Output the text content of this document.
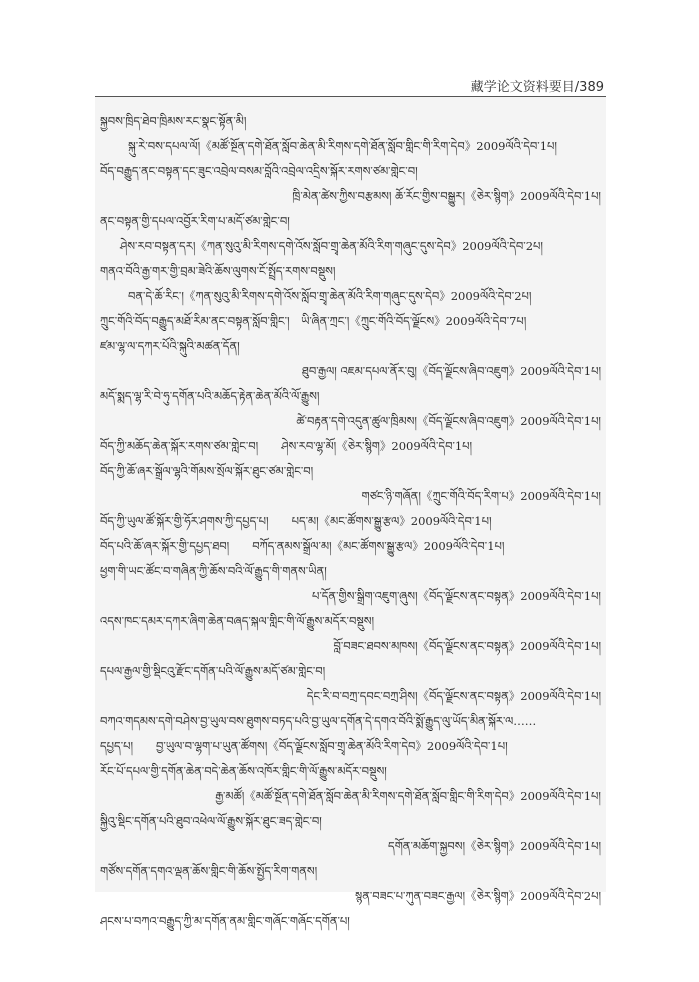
藏学论文资料要目/389
སྐྱབས་ཁྲིད་ཐེབ་ཁྲིམས་རང་སྣང་སྟོན་མི།
སྐུ་རེ་བས་དཔལ་ལོ།《མཚོ་སྔོན་དགེ་ཐོན་སློབ་ཆེན་མི་རིགས་དགེ་ཐོན་སློབ་གླིང་གི་རིག་དེབ》2009ལོའི་དེབ་1པ།
བོད་བརྒྱུད་ནང་བསྟན་དང་ཟུང་འབྲེལ་བསམ་བློའི་འབྲེལ་འདྲིས་སྐོར་རགས་ཙམ་གླེང་བ།
ཁྲི་མེན་ཚེས་ཀྱིས་བརྩམས། ཆོ་རོང་གྱིས་བསྒྱུར།《ཅེར་སྙིག》2009ལོའི་དེབ་1པ།
ནང་བསྟན་གྱི་དཔལ་འབྱོར་རིག་པ་མདོ་ཙམ་གླེང་བ།
ཤེས་རབ་བསྟན་དར།《ཀན་སུའུ་མི་རིགས་དགེ་འོས་སློབ་གྲྭ་ཆེན་མོའི་རིག་གཞུང་དུས་དེབ》2009ལོའི་དེབ་2པ།
གནའ་བོའི་རྒྱ་གར་གྱི་བྲམ་ཟེའི་ཆོས་ལུགས་ངོ་སྤྲོད་རགས་བསྡུས།
བན་དེ་ཆོ་རིང་།《ཀན་སུའུ་མི་རིགས་དགེ་འོས་སློབ་གྲྭ་ཆེན་མོའི་རིག་གཞུང་དུས་དེབ》2009ལོའི་དེབ་2པ།
ཀྲུང་གོའི་བོད་བརྒྱུད་མཐོ་རིམ་ནང་བསྟན་སློབ་གླིང་།　ཡི་ཞིན་ཀྲང་།《ཀྲུང་གོའི་བོད་ལྗོངས》2009ལོའི་དེབ་7པ།
ཛམ་ལྷ་ལ་དཀར་པོའི་སྐུའི་མཚན་དོན།
ཐུབ་རྒྱལ། འཇམ་དཔལ་ནོར་བུ།《བོད་ལྗོངས་ཞིབ་འཇུག》2009ལོའི་དེབ་1པ།
མདོ་སྨད་ལྷ་རི་བེ་ཧུ་དགོན་པའི་མཆོད་རྟེན་ཆེན་མོའི་ལོ་རྒྱུས།
ཚེ་བརྟན་དགེ་འདུན་ཚུལ་ཁྲིམས།《བོད་ལྗོངས་ཞིབ་འཇུག》2009ལོའི་དེབ་1པ།
བོད་ཀྱི་མཆོད་ཆེན་སྐོར་རགས་ཙམ་གླེང་བ།　　ཤེས་རབ་ལྷ་མོ།《ཅེར་སྙིག》2009ལོའི་དེབ་1པ།
བོད་ཀྱི་ཆོ་ཞར་སྒྲོལ་ལྷའི་གོམས་སྲོལ་སྐོར་ཐུང་ཙམ་གླེང་བ།
གཙང་ཉི་གཞོན།《ཀྲུང་གོའི་བོད་རིག་པ》2009ལོའི་དེབ་1པ།
བོད་ཀྱི་ཡུལ་ཚོ་སྐོར་གྱི་ཧོར་ཤགས་ཀྱི་དཔྱད་པ།　　པད་མ།《མང་ཚོགས་སྒྱུ་རྩལ》2009ལོའི་དེབ་1པ།
བོད་པའི་ཆོ་ཞར་སྐོར་གྱི་དཔྱད་ཐབ།　　བཀོད་ནམས་སྒྲོལ་མ།《མང་ཚོགས་སྒྱུ་རྩལ》2009ལོའི་དེབ་1པ།
ཕྱག་གི་ཡང་ཚོང་བ་གཞིན་ཀྱི་ཆོས་བའི་ལོ་རྒྱུད་གི་གནས་ཡིན།
པ་དོན་གྱིས་སྒྲིག་འཇུག་ཞུས།《བོད་ལྗོངས་ནང་བསྟན》2009ལོའི་དེབ་1པ།
འདས་ཁང་དམར་དཀར་ཞིག་ཆེན་བཞད་སྐལ་གླིང་གི་ལོ་རྒྱུས་མདོར་བསྡུས།
བློ་བཟང་ཐབས་མཁས།《བོད་ལྗོངས་ནང་བསྟན》2009ལོའི་དེབ་1པ།
དཔལ་རྒྱལ་གྱི་སྡིངའུ་རྫོང་དགོན་པའི་ལོ་རྒྱུས་མདོ་ཙམ་གླེང་བ།
དེང་རི་བ་བཀྲ་དབང་བཀྲ་ཤིས།《བོད་ལྗོངས་ནང་བསྟན》2009ལོའི་དེབ་1པ།
བཀའ་གདམས་དགེ་བཤེས་བྱ་ཡུལ་བས་ཐུགས་བཏད་པའི་བྱ་ཡུལ་དགོན་དེ་དགའ་བོའི་སྨོ་རྒྱུད་ལུ་ཡོད་མིན་སྐོར་ལ……
དཔྱད་པ།　　བྱ་ཡུལ་བ་ལྷག་པ་ཡུན་ཚོགས།《བོད་ལྗོངས་སློབ་གྲྭ་ཆེན་མོའི་རིག་དེབ》2009ལོའི་དེབ་1པ།
རོང་པོ་དཔལ་གྱི་དགོན་ཆེན་བདེ་ཆེན་ཆོས་འཁོར་གླིང་གི་ལོ་རྒྱུས་མདོར་བསྡུས།
རྒྱ་མཚོ།《མཚོ་སྔོན་དགེ་ཐོན་སློབ་ཆེན་མི་རིགས་དགེ་ཐོན་སློབ་གླིང་གི་རིག་དེབ》2009ལོའི་དེབ་1པ།
སྐྱིའུ་སྡིང་དགོན་པའི་ཐུབ་འཕེལ་ལོ་རྒྱུས་སྐོར་ཐུང་ཟད་གླེང་བ།
དགོན་མཆོག་སྐྱབས།《ཅེར་སྙིག》2009ལོའི་དེབ་1པ།
གཙོས་དགོན་དགའ་ལྡན་ཆོས་གླིང་གི་ཆོས་སྤྱོད་རིག་གནས།
སྙན་བཟང་པ་ཀུན་བཟང་རྒྱལ།《ཅེར་སྙིག》2009ལོའི་དེབ་2པ།
ཤངས་པ་བཀའ་བརྒྱུད་ཀྱི་མ་དགོན་ནམ་གླིང་གཞོང་གཞོང་དགོན་པ།
